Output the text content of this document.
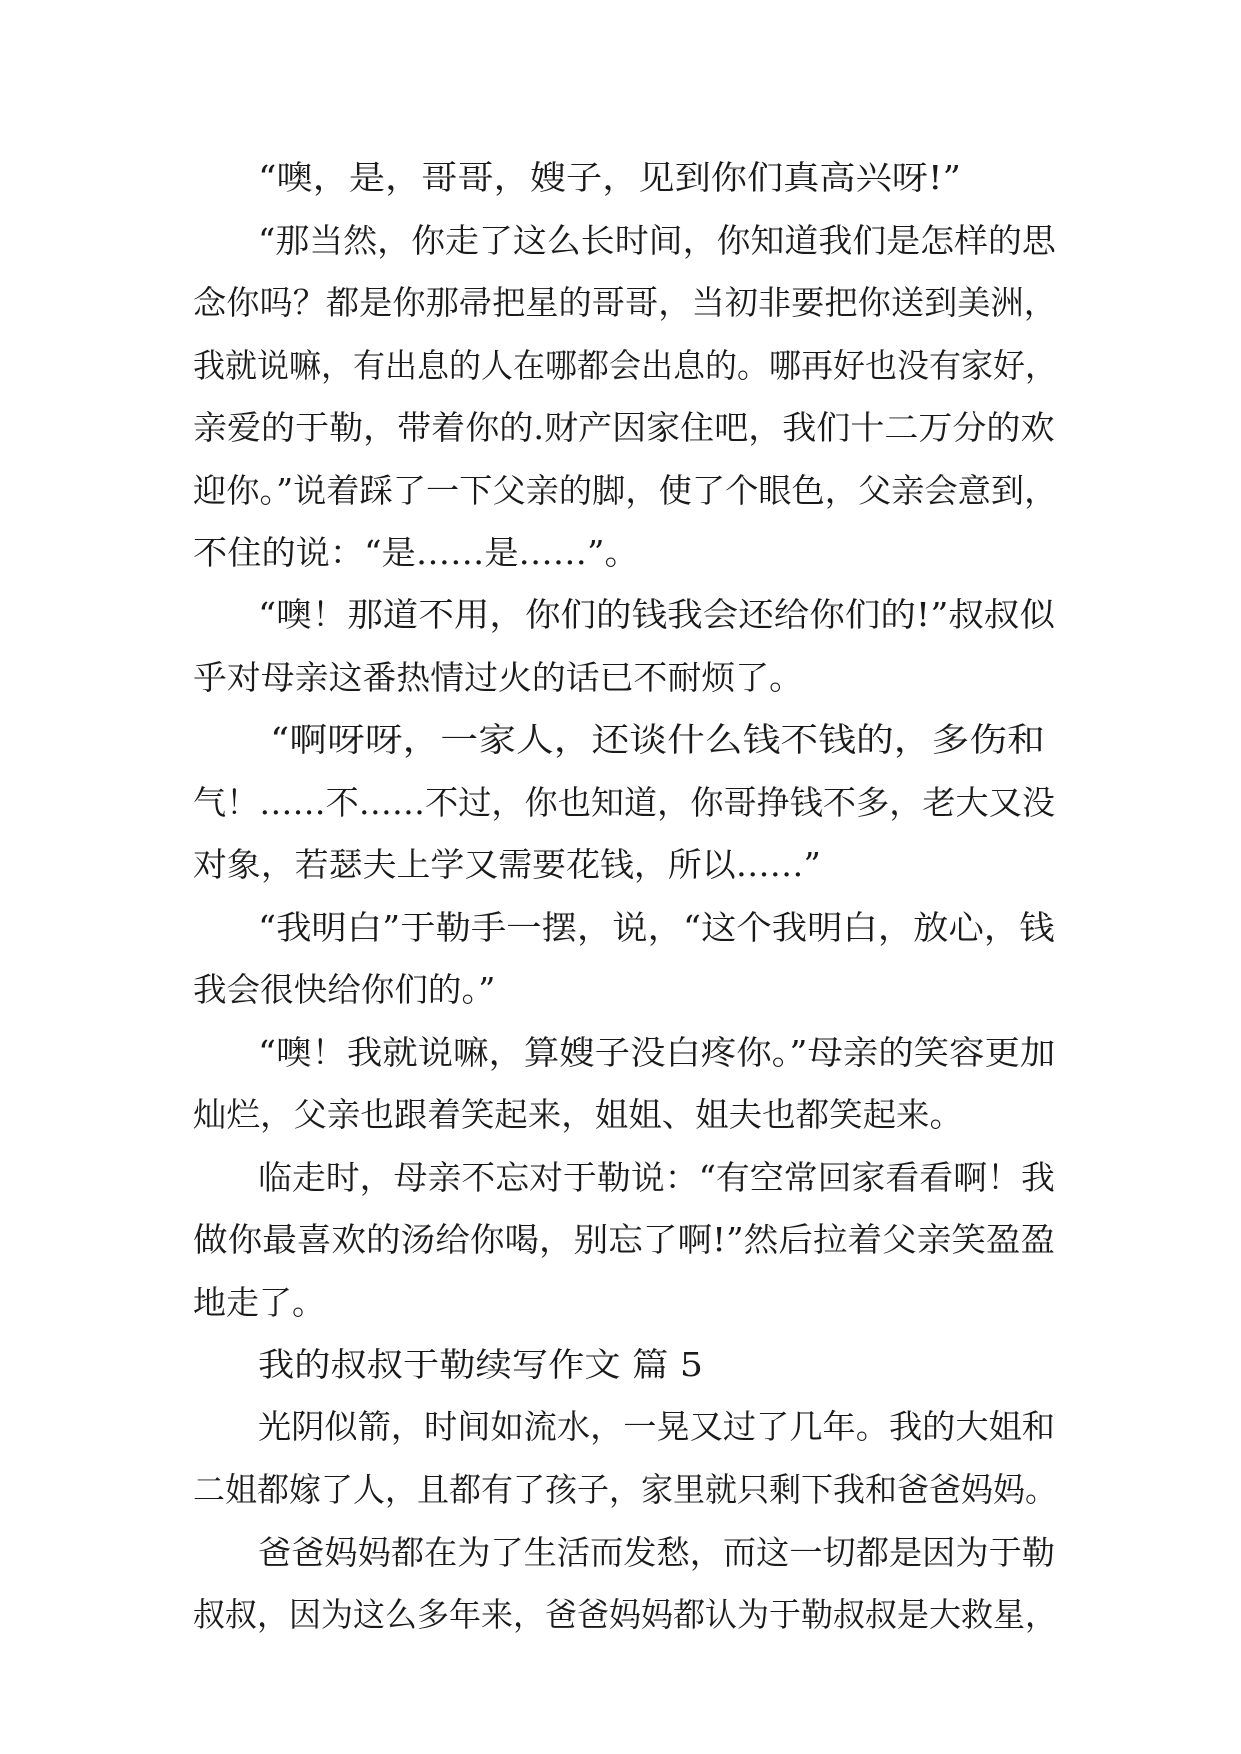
“噢，是，哥哥，嫂子，见到你们真高兴呀!”
“那当然，你走了这么长时间，你知道我们是怎样的思
念你吗？都是你那帚把星的哥哥，当初非要把你送到美洲，
我就说嘛，有出息的人在哪都会出息的。哪再好也没有家好，
亲爱的于勒，带着你的.财产因家住吧，我们十二万分的欢
迎你。”说着踩了一下父亲的脚，使了个眼色，父亲会意到，
不住的说：“是……是……”。
“噢！那道不用，你们的钱我会还给你们的!”叔叔似
乎对母亲这番热情过火的话已不耐烦了。
“啊呀呀，一家人，还谈什么钱不钱的，多伤和
气！……不……不过，你也知道，你哥挣钱不多，老大又没
对象，若瑟夫上学又需要花钱，所以……”
“我明白”于勒手一摆，说，“这个我明白，放心，钱
我会很快给你们的。”
“噢！我就说嘛，算嫂子没白疼你。”母亲的笑容更加
灿烂，父亲也跟着笑起来，姐姐、姐夫也都笑起来。
临走时，母亲不忘对于勒说：“有空常回家看看啊！我
做你最喜欢的汤给你喝，别忘了啊!”然后拉着父亲笑盈盈
地走了。
我的叔叔于勒续写作文 篇 5
光阴似箭，时间如流水，一晃又过了几年。我的大姐和
二姐都嫁了人，且都有了孩子，家里就只剩下我和爸爸妈妈。
爸爸妈妈都在为了生活而发愁，而这一切都是因为于勒
叔叔，因为这么多年来，爸爸妈妈都认为于勒叔叔是大救星，
